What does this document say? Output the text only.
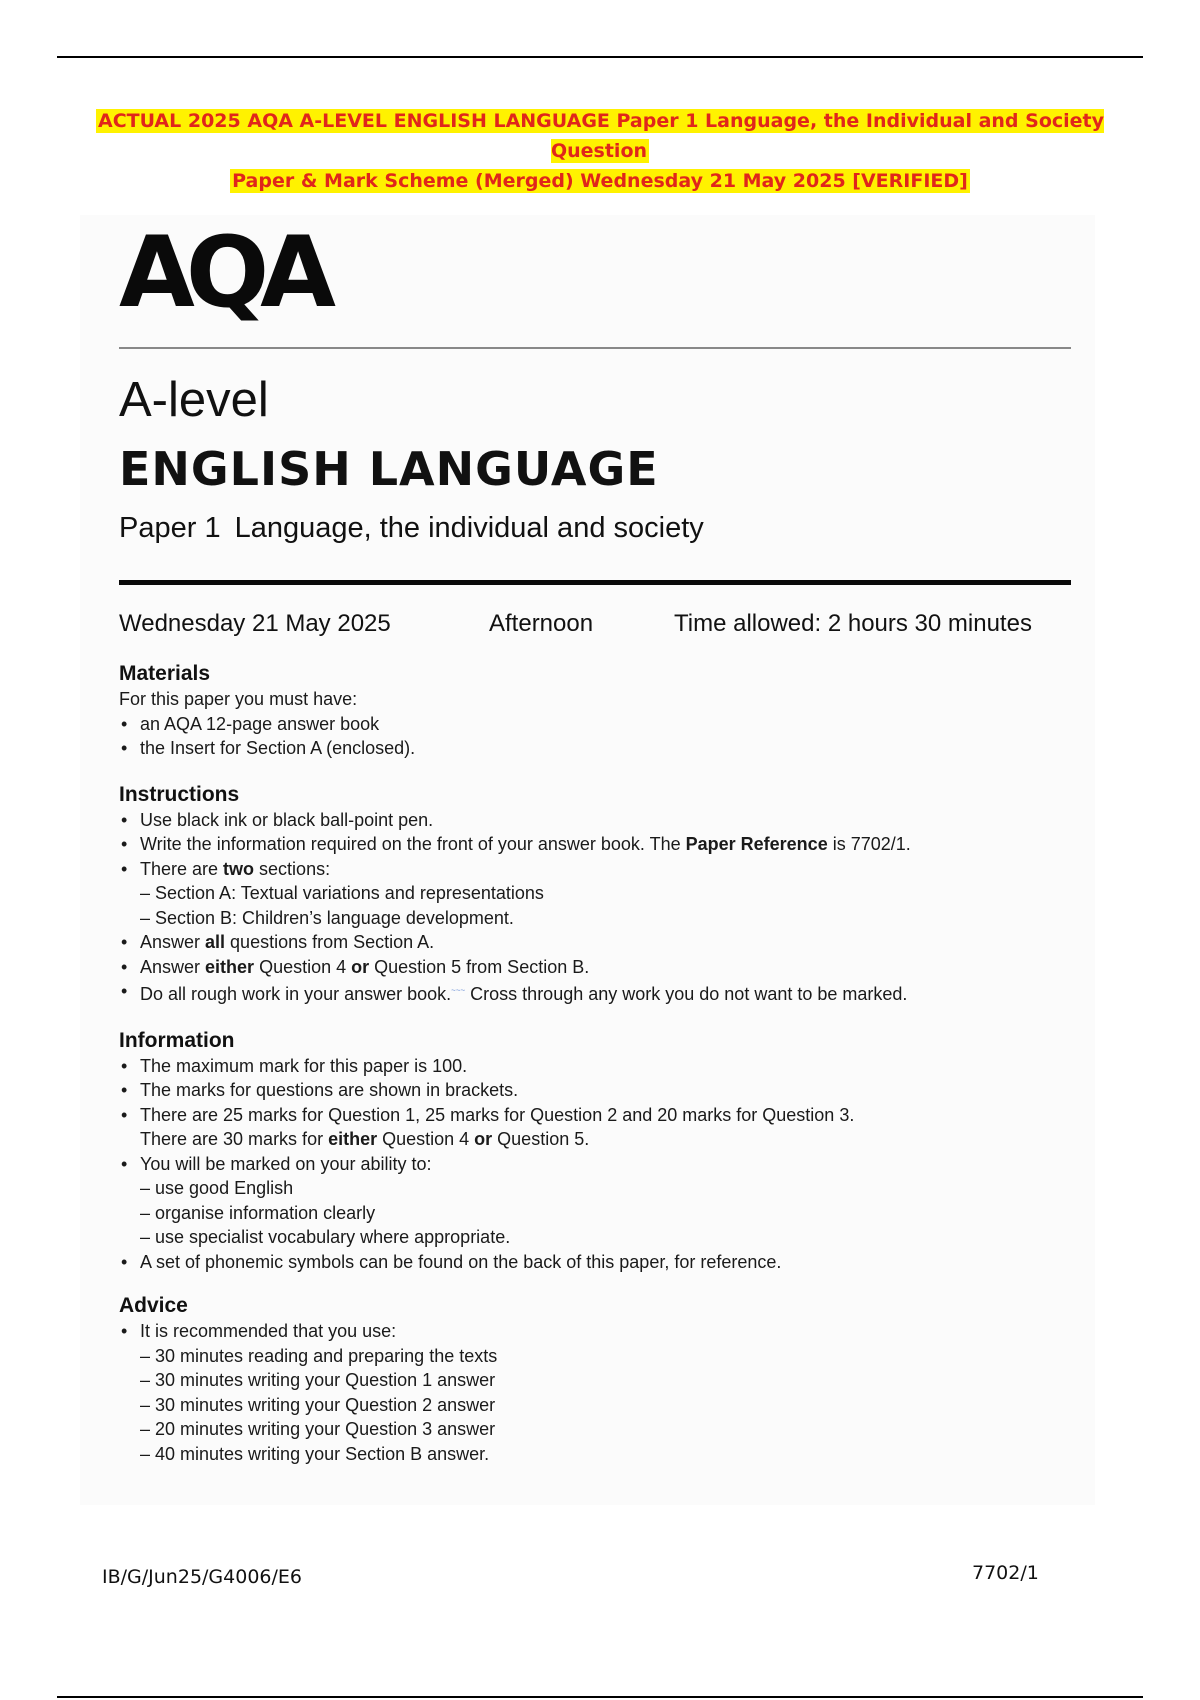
ACTUAL 2025 AQA A-LEVEL ENGLISH LANGUAGE Paper 1 Language, the Individual and Society Question
Paper & Mark Scheme (Merged) Wednesday 21 May 2025 [VERIFIED]
AQA
A-level
ENGLISH LANGUAGE
Paper 1 Language, the individual and society
Wednesday 21 May 2025	Afternoon	Time allowed: 2 hours 30 minutes
Materials

For this paper you must have:

• an AQA 12-page answer book
• the Insert for Section A (enclosed).
Instructions
• Use black ink or black ball-point pen.
• Write the information required on the front of your answer book. The Paper Reference is 7702/1.
• There are two sections:
– Section A: Textual variations and representations
– Section B: Children’s language development.
• Answer all questions from Section A.
• Answer either Question 4 or Question 5 from Section B.
• Do all rough work in your answer book.~~~ Cross through any work you do not want to be marked.
Information
• The maximum mark for this paper is 100.
• The marks for questions are shown in brackets.
• There are 25 marks for Question 1, 25 marks for Question 2 and 20 marks for Question 3.
There are 30 marks for either Question 4 or Question 5.
• You will be marked on your ability to:
– use good English
– organise information clearly
– use specialist vocabulary where appropriate.
• A set of phonemic symbols can be found on the back of this paper, for reference.
Advice
• It is recommended that you use:
– 30 minutes reading and preparing the texts
– 30 minutes writing your Question 1 answer
– 30 minutes writing your Question 2 answer
– 20 minutes writing your Question 3 answer
– 40 minutes writing your Section B answer.
IB/G/Jun25/G4006/E6	7702/1
